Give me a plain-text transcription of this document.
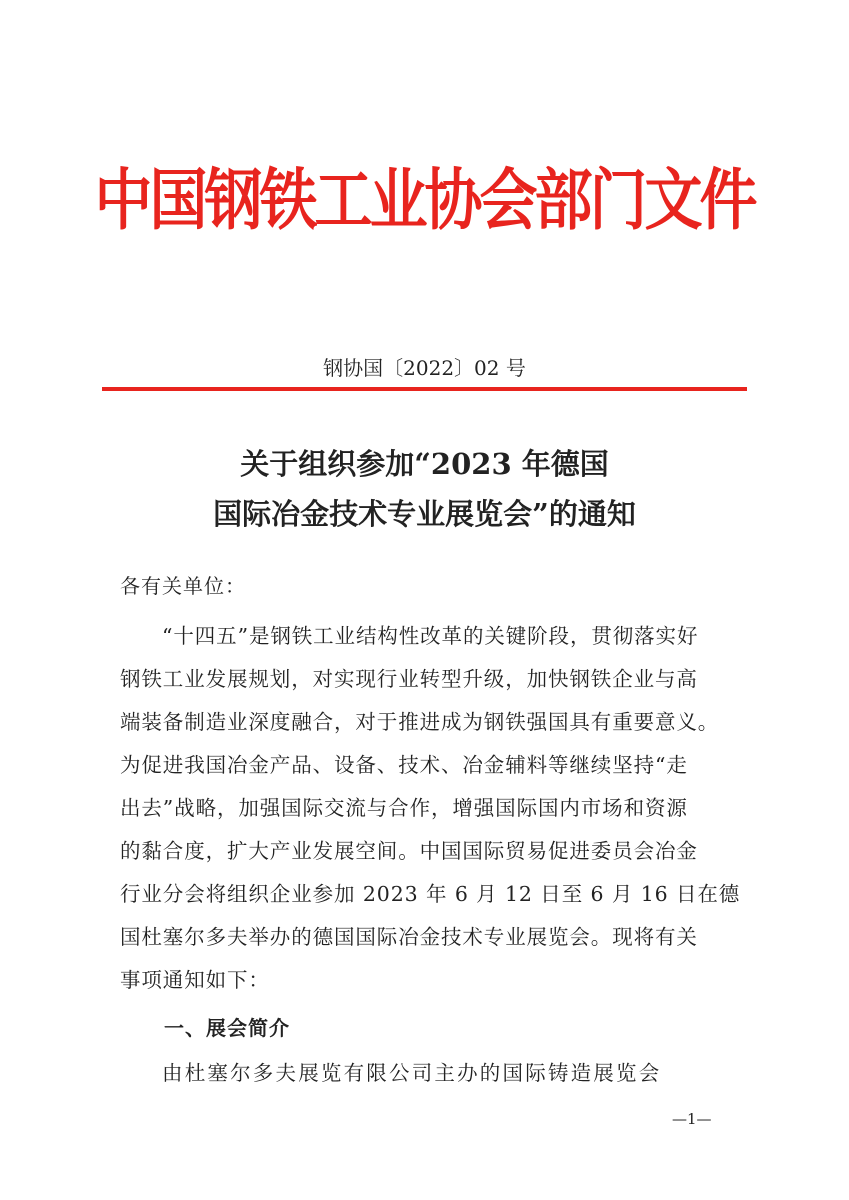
中国钢铁工业协会部门文件
钢协国〔2022〕02 号
关于组织参加“2023 年德国
国际冶金技术专业展览会”的通知
各有关单位：
“十四五”是钢铁工业结构性改革的关键阶段，贯彻落实好
钢铁工业发展规划，对实现行业转型升级，加快钢铁企业与高
端装备制造业深度融合，对于推进成为钢铁强国具有重要意义。
为促进我国冶金产品、设备、技术、冶金辅料等继续坚持“走
出去”战略，加强国际交流与合作，增强国际国内市场和资源
的黏合度，扩大产业发展空间。中国国际贸易促进委员会冶金
行业分会将组织企业参加 2023 年 6 月 12 日至 6 月 16 日在德
国杜塞尔多夫举办的德国国际冶金技术专业展览会。现将有关
事项通知如下：
一、展会简介
由杜塞尔多夫展览有限公司主办的国际铸造展览会
—1—
